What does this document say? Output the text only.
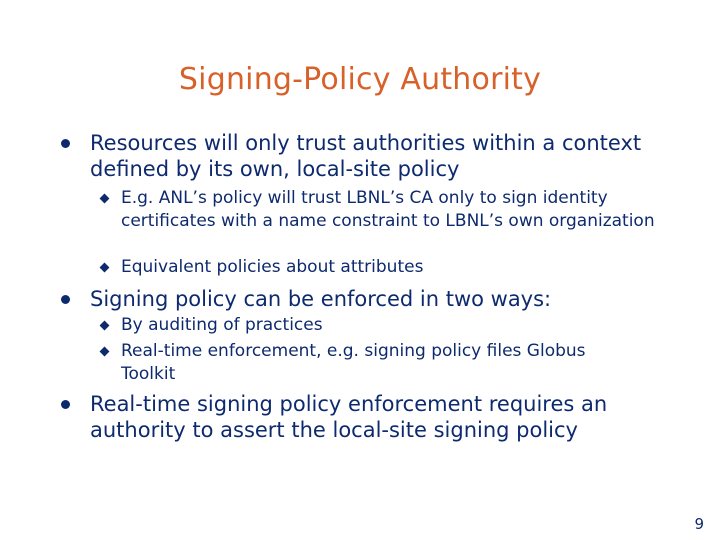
Signing-Policy Authority
Resources will only trust authorities within a context defined by its own, local-site policy
E.g. ANL’s policy will trust LBNL’s CA only to sign identity certificates with a name constraint to LBNL’s own organization
Equivalent policies about attributes
Signing policy can be enforced in two ways:
By auditing of practices
Real-time enforcement, e.g. signing policy files Globus Toolkit
Real-time signing policy enforcement requires an authority to assert the local-site signing policy
9
